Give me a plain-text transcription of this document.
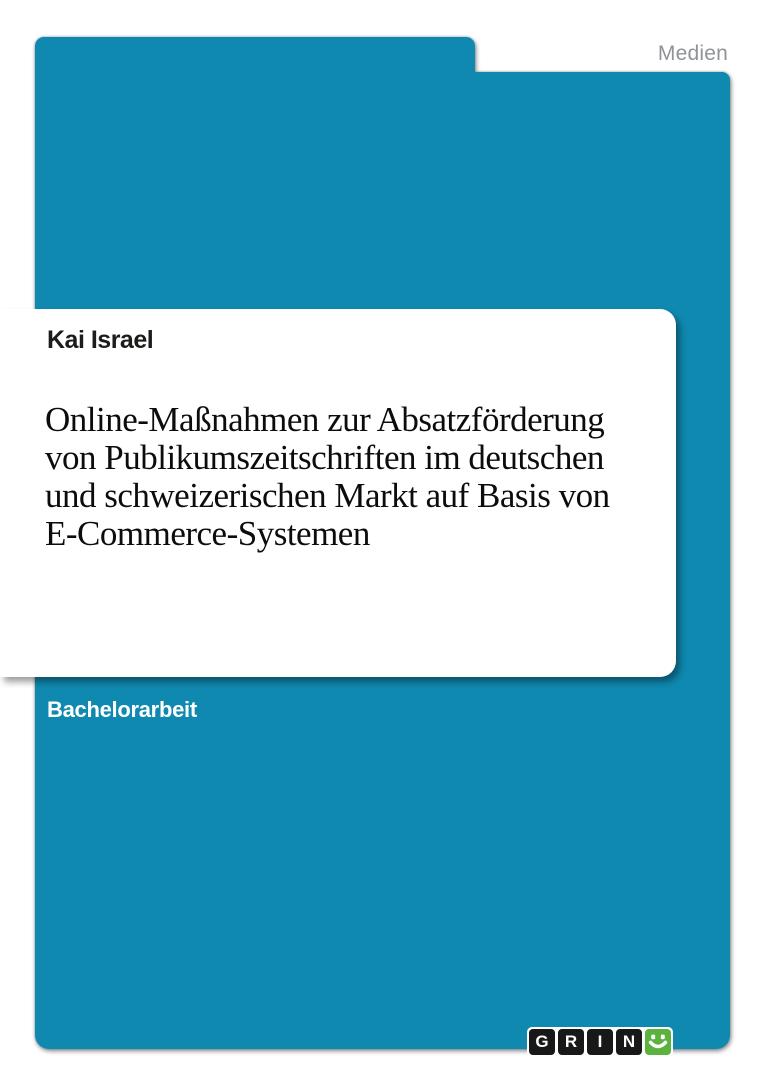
Medien
Kai Israel
Online-Maßnahmen zur Absatzförderung
von Publikumszeitschriften im deutschen
und schweizerischen Markt auf Basis von
E-Commerce-Systemen
Bachelorarbeit
G R	I	N
